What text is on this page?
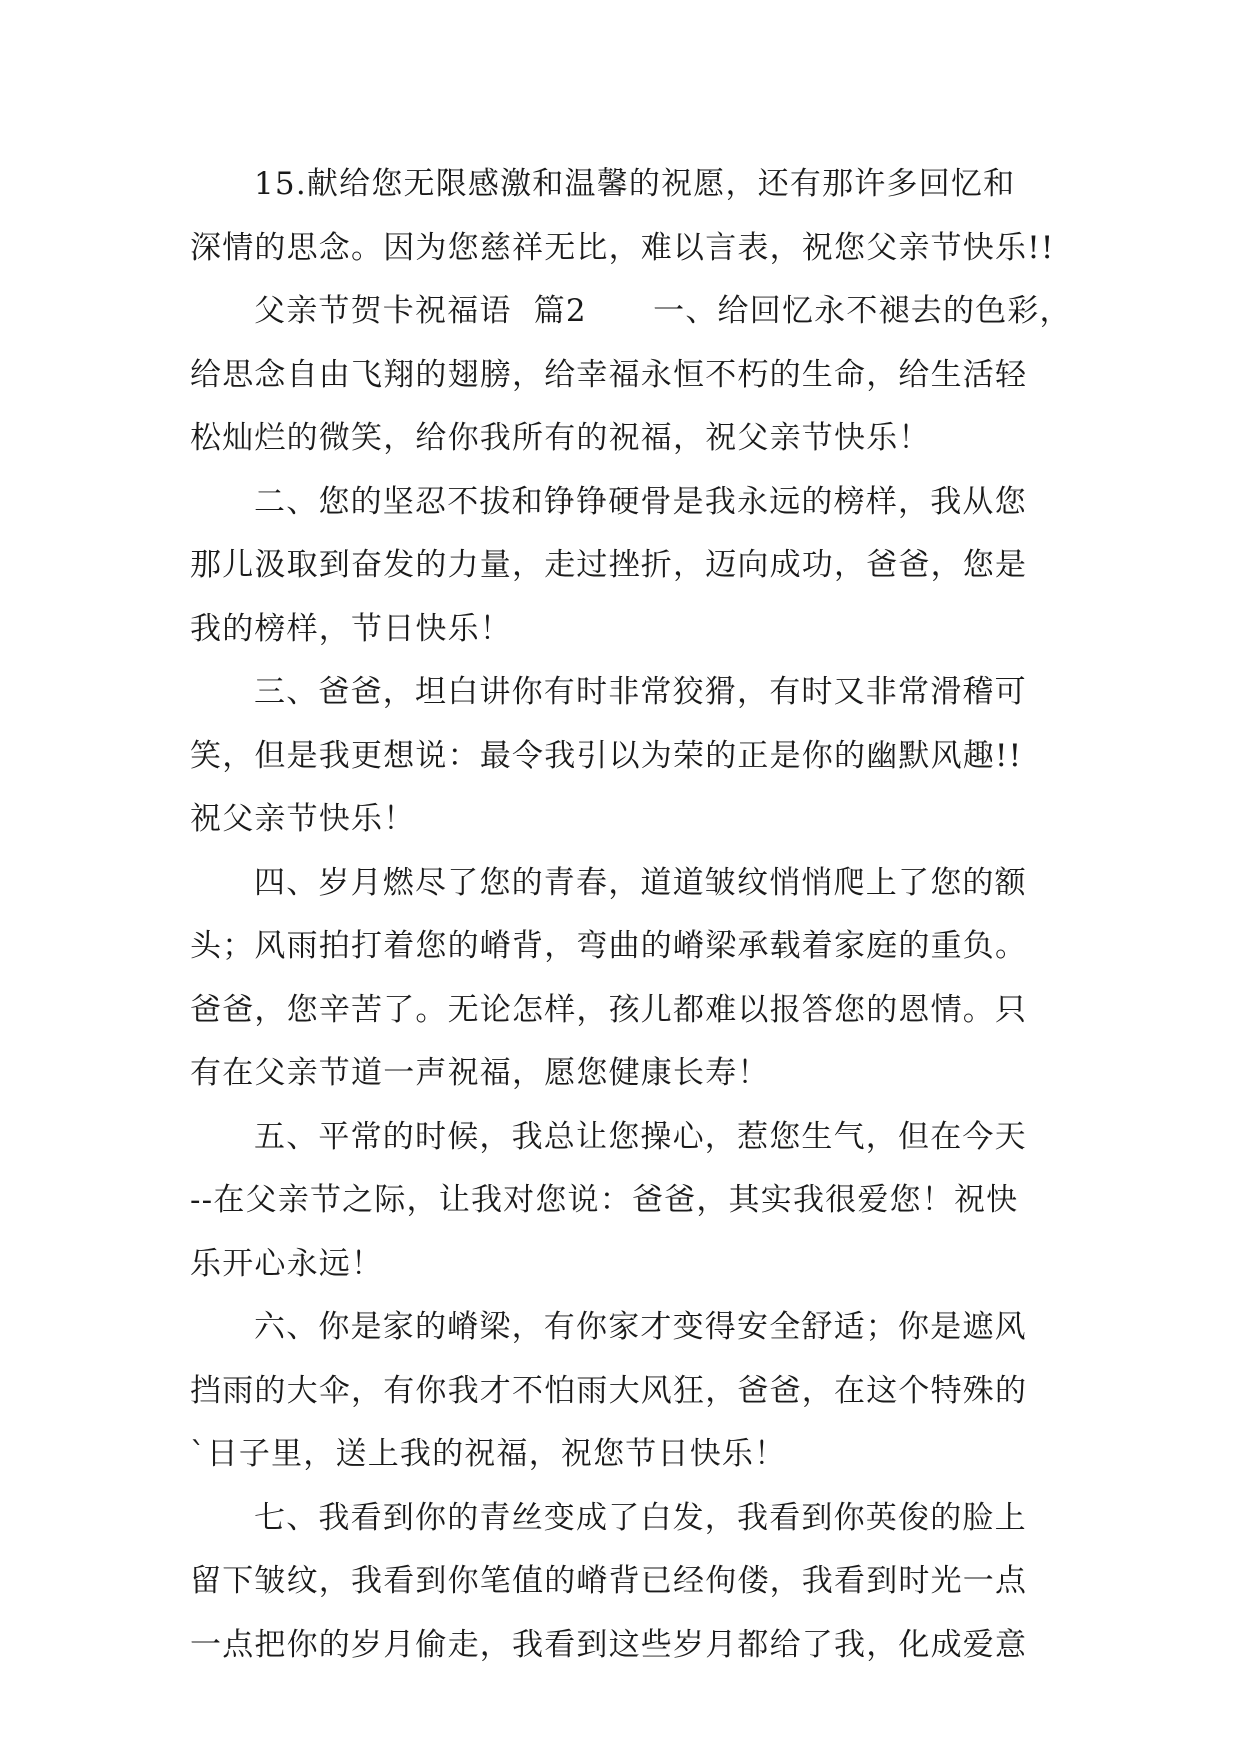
15.献给您无限感激和温馨的祝愿，还有那许多回忆和
深情的思念。因为您慈祥无比，难以言表，祝您父亲节快乐!!
父亲节贺卡祝福语  篇2      一、给回忆永不褪去的色彩，
给思念自由飞翔的翅膀，给幸福永恒不朽的生命，给生活轻
松灿烂的微笑，给你我所有的祝福，祝父亲节快乐！
二、您的坚忍不拔和铮铮硬骨是我永远的榜样，我从您
那儿汲取到奋发的力量，走过挫折，迈向成功，爸爸，您是
我的榜样，节日快乐！
三、爸爸，坦白讲你有时非常狡猾，有时又非常滑稽可
笑，但是我更想说：最令我引以为荣的正是你的幽默风趣!!
祝父亲节快乐！
四、岁月燃尽了您的青春，道道皱纹悄悄爬上了您的额
头；风雨拍打着您的嵴背，弯曲的嵴梁承载着家庭的重负。
爸爸，您辛苦了。无论怎样，孩儿都难以报答您的恩情。只
有在父亲节道一声祝福，愿您健康长寿！
五、平常的时候，我总让您操心，惹您生气，但在今天
--在父亲节之际，让我对您说：爸爸，其实我很爱您！祝快
乐开心永远！
六、你是家的嵴梁，有你家才变得安全舒适；你是遮风
挡雨的大伞，有你我才不怕雨大风狂，爸爸，在这个特殊的
`日子里，送上我的祝福，祝您节日快乐！
七、我看到你的青丝变成了白发，我看到你英俊的脸上
留下皱纹，我看到你笔值的嵴背已经佝偻，我看到时光一点
一点把你的岁月偷走，我看到这些岁月都给了我，化成爱意
